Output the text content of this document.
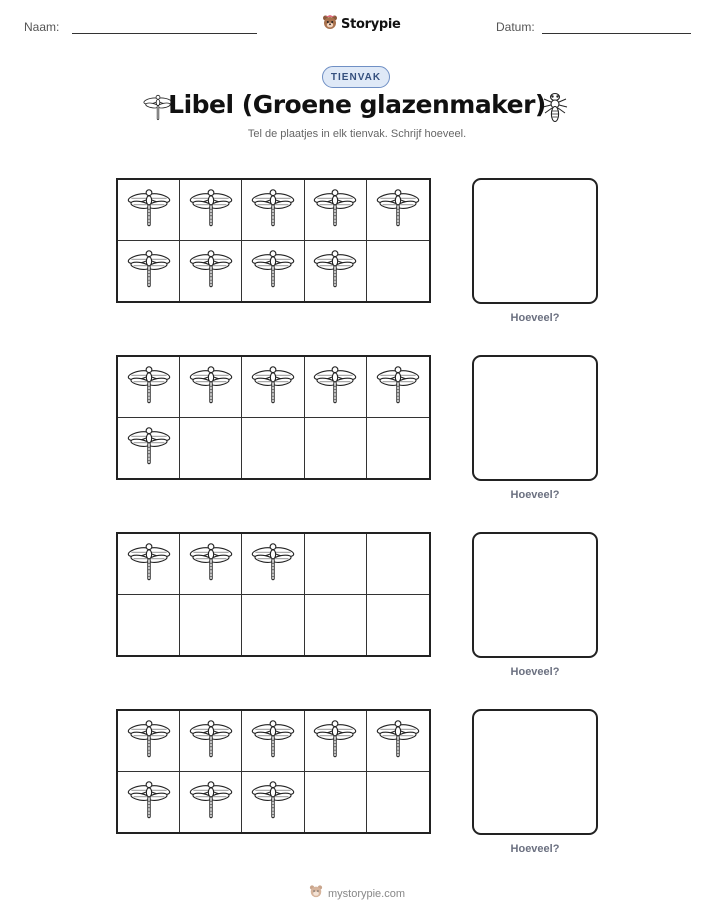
Naam:	Storypie	Datum:
TIENVAK
Libel (Groene glazenmaker)
Tel de plaatjes in elk tienvak. Schrijf hoeveel.
Hoeveel?
Hoeveel?
Hoeveel?
Hoeveel?
mystorypie.com
